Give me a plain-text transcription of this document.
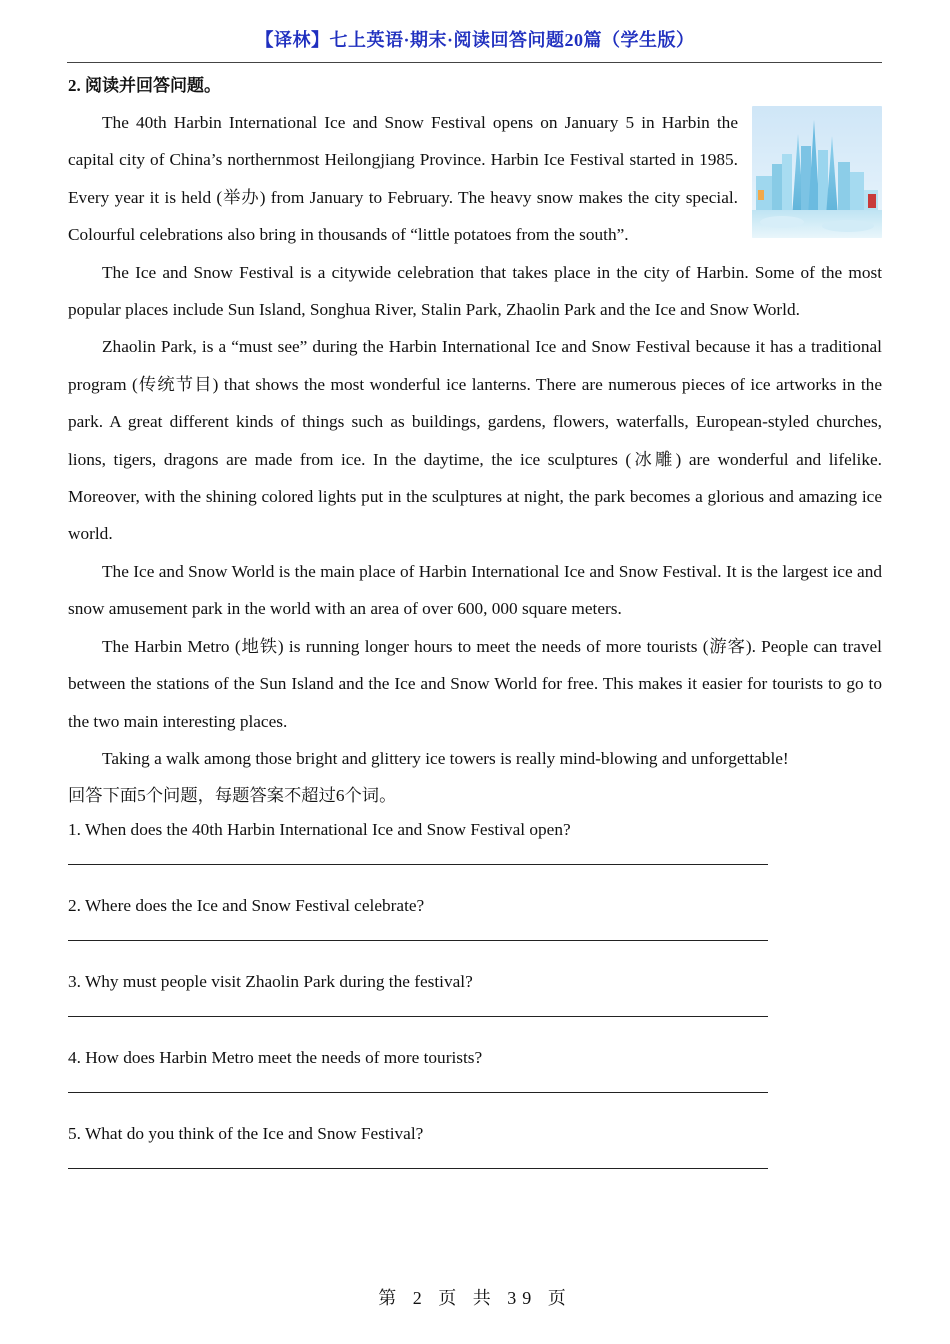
【译林】七上英语·期末·阅读回答问题20篇（学生版）
2. 阅读并回答问题。

The 40th Harbin International Ice and Snow Festival opens on January 5 in Harbin the capital city of China’s northernmost Heilongjiang Province. Harbin Ice Festival started in 1985. Every year it is held (举办) from January to February. The heavy snow makes the city special. Colourful celebrations also bring in thousands of “little potatoes from the south”.

The Ice and Snow Festival is a citywide celebration that takes place in the city of Harbin. Some of the most popular places include Sun Island, Songhua River, Stalin Park, Zhaolin Park and the Ice and Snow World.

Zhaolin Park, is a “must see” during the Harbin International Ice and Snow Festival because it has a traditional program (传统节目) that shows the most wonderful ice lanterns. There are numerous pieces of ice artworks in the park. A great different kinds of things such as buildings, gardens, flowers, waterfalls, European-styled churches, lions, tigers, dragons are made from ice. In the daytime, the ice sculptures (冰雕) are wonderful and lifelike. Moreover, with the shining colored lights put in the sculptures at night, the park becomes a glorious and amazing ice world.

The Ice and Snow World is the main place of Harbin International Ice and Snow Festival. It is the largest ice and snow amusement park in the world with an area of over 600, 000 square meters.

The Harbin Metro (地铁) is running longer hours to meet the needs of more tourists (游客). People can travel between the stations of the Sun Island and the Ice and Snow World for free. This makes it easier for tourists to go to the two main interesting places.

Taking a walk among those bright and glittery ice towers is really mind-blowing and unforgettable!

回答下面5个问题，每题答案不超过6个词。

1. When does the 40th Harbin International Ice and Snow Festival open?

2. Where does the Ice and Snow Festival celebrate?

3. Why must people visit Zhaolin Park during the festival?

4. How does Harbin Metro meet the needs of more tourists?

5. What do you think of the Ice and Snow Festival?

第 2 页 共 39 页
